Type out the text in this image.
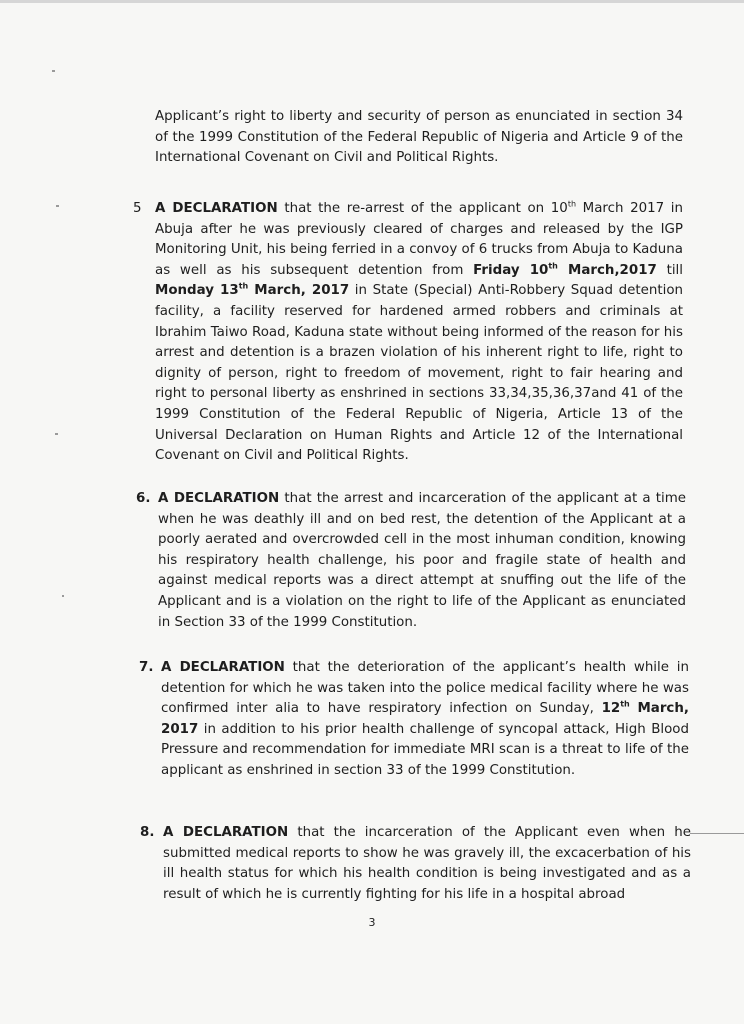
Applicant’s right to liberty and security of person as enunciated in section 34 of the 1999 Constitution of the Federal Republic of Nigeria and Article 9 of the International Covenant on Civil and Political Rights.
5 A DECLARATION that the re-arrest of the applicant on 10th March 2017 in Abuja after he was previously cleared of charges and released by the IGP Monitoring Unit, his being ferried in a convoy of 6 trucks from Abuja to Kaduna as well as his subsequent detention from Friday 10th March,2017 till Monday 13th March, 2017 in State (Special) Anti-Robbery Squad detention facility, a facility reserved for hardened armed robbers and criminals at Ibrahim Taiwo Road, Kaduna state without being informed of the reason for his arrest and detention is a brazen violation of his inherent right to life, right to dignity of person, right to freedom of movement, right to fair hearing and right to personal liberty as enshrined in sections 33,34,35,36,37and 41 of the 1999 Constitution of the Federal Republic of Nigeria, Article 13 of the Universal Declaration on Human Rights and Article 12 of the International Covenant on Civil and Political Rights.
6. A DECLARATION that the arrest and incarceration of the applicant at a time when he was deathly ill and on bed rest, the detention of the Applicant at a poorly aerated and overcrowded cell in the most inhuman condition, knowing his respiratory health challenge, his poor and fragile state of health and against medical reports was a direct attempt at snuffing out the life of the Applicant and is a violation on the right to life of the Applicant as enunciated in Section 33 of the 1999 Constitution.
7. A DECLARATION that the deterioration of the applicant’s health while in detention for which he was taken into the police medical facility where he was confirmed inter alia to have respiratory infection on Sunday, 12th March, 2017 in addition to his prior health challenge of syncopal attack, High Blood Pressure and recommendation for immediate MRI scan is a threat to life of the applicant as enshrined in section 33 of the 1999 Constitution.
8. A DECLARATION that the incarceration of the Applicant even when he submitted medical reports to show he was gravely ill, the excacerbation of his ill health status for which his health condition is being investigated and as a result of which he is currently fighting for his life in a hospital abroad
3
